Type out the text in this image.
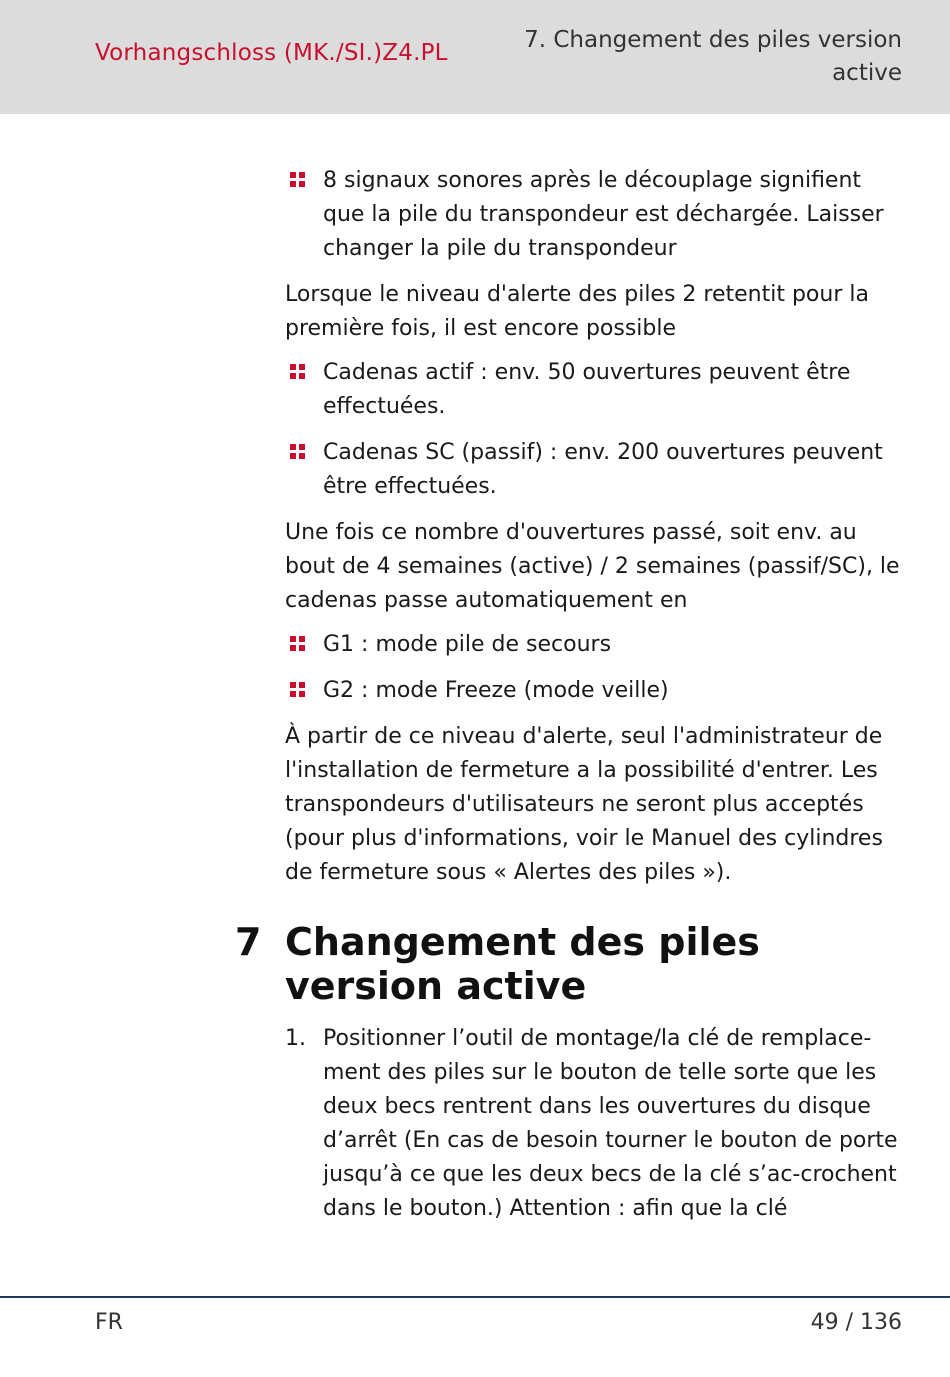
Vorhangschloss (MK./SI.)Z4.PL	7. Changement des piles version
active
8 signaux sonores après le découplage signifient que la pile du transpondeur est déchargée. Laisser changer la pile du transpondeur

Lorsque le niveau d'alerte des piles 2 retentit pour la première fois, il est encore possible

Cadenas actif : env. 50 ouvertures peuvent être effectuées.
Cadenas SC (passif) : env. 200 ouvertures peuvent être effectuées.

Une fois ce nombre d'ouvertures passé, soit env. au bout de 4 semaines (active) / 2 semaines (passif/SC), le cadenas passe automatiquement en

G1 : mode pile de secours
G2 : mode Freeze (mode veille)

À partir de ce niveau d'alerte, seul l'administrateur de l'installation de fermeture a la possibilité d'entrer. Les transpondeurs d'utilisateurs ne seront plus acceptés (pour plus d'informations, voir le Manuel des cylindres de fermeture sous « Alertes des piles »).

7 Changement des piles version active
1. Positionner l’outil de montage/la clé de remplace-ment des piles sur le bouton de telle sorte que les deux becs rentrent dans les ouvertures du disque d’arrêt (En cas de besoin tourner le bouton de porte jusqu’à ce que les deux becs de la clé s’ac-crochent dans le bouton.) Attention : afin que la clé
FR	49 / 136
